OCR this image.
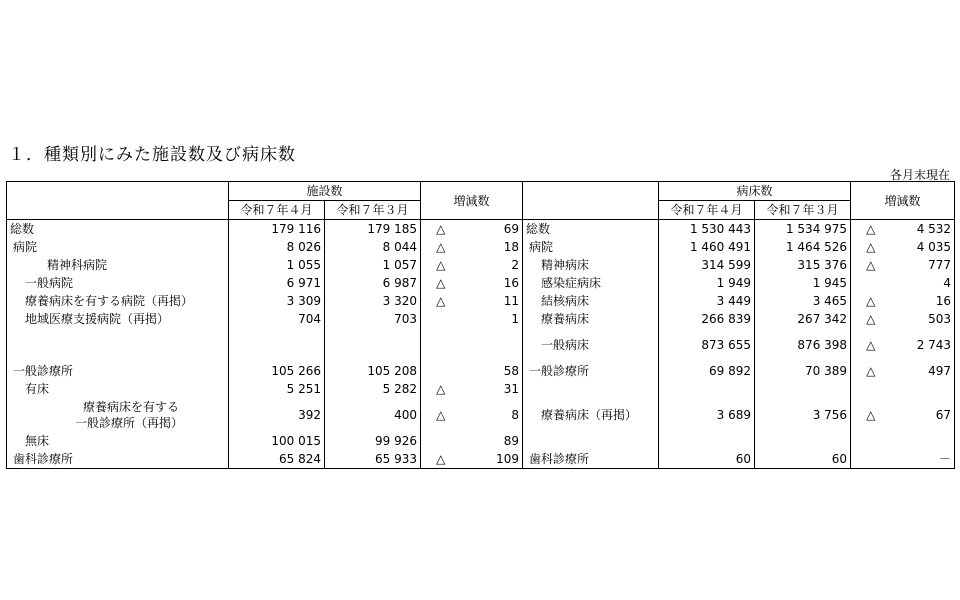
１．種類別にみた施設数及び病床数
各月末現在
	施設数		増減数			病床数		増減数	
	令和７年４月	令和７年３月				令和７年４月	令和７年３月		
総数	179 116	179 185	△	69	総数	1 530 443	1 534 975	△	4 532
病院	8 026	8 044	△	18	病院	1 460 491	1 464 526	△	4 035
精神科病院	1 055	1 057	△	2	精神病床	314 599	315 376	△	777
一般病院	6 971	6 987	△	16	感染症病床	1 949	1 945		4
療養病床を有する病院（再掲）	3 309	3 320	△	11	結核病床	3 449	3 465	△	16
地域医療支援病院（再掲）	704	703		1	療養病床	266 839	267 342	△	503
					一般病床	873 655	876 398	△	2 743
一般診療所	105 266	105 208		58	一般診療所	69 892	70 389	△	497
有床	5 251	5 282	△	31					

療養病床を有する
一般診療所（再掲）	392	400	△	8	療養病床（再掲）	3 689	3 756	△	67
無床	100 015	99 926		89					
歯科診療所	65 824	65 933	△	109	歯科診療所	60	60		－
